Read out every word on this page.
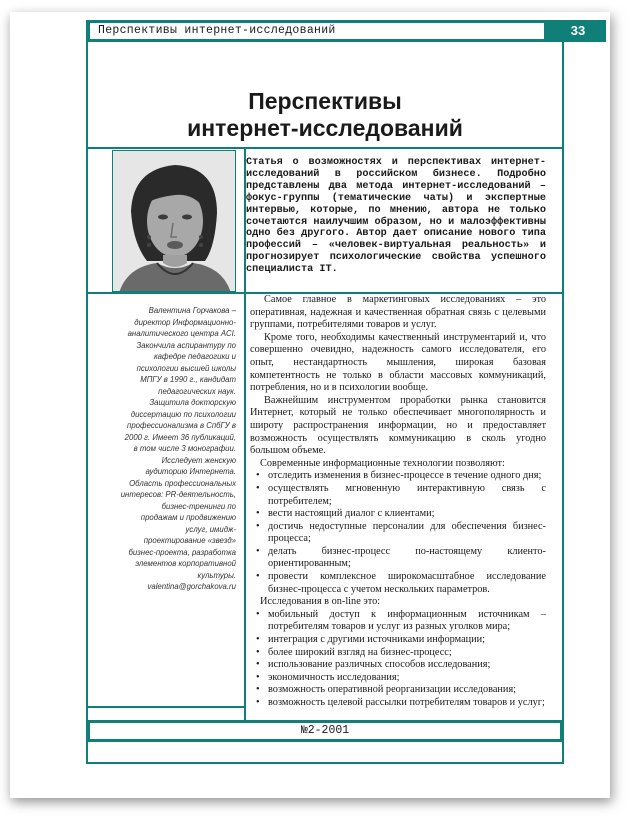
Перспективы интернет-исследований	33
Перспективы
интернет-исследований
Статья о возможностях и перспективах интернет-исследований в российском бизнесе. Подробно представлены два метода интернет-исследований – фокус-группы (тематические чаты) и экспертные интервью, которые, по мнению, автора не только сочетаются наилучшим образом, но и малоэффективны одно без другого. Автор дает описание нового типа профессий – «человек-виртуальная реальность» и прогнозирует психологические свойства успешного специалиста IT.
Валентина Горчакова –
директор Информационно-
аналитического центра ACI.
Закончила аспирантуру по
кафедре педагогики и
психологии высшей школы
МПГУ в 1990 г., кандидат
педагогических наук.
Защитила докторскую
диссертацию по психологии
профессионализма в СпбГУ в
2000 г. Имеет 36 публикаций,
в том числе 3 монографии.
Исследует женскую
аудиторию Интернета.
Область профессиональных
интересов: PR-деятельность,
бизнес-тренинги по
продажам и продвижению
услуг, имидж-
проектирование «звезд»
бизнес-проекта, разработка
элементов корпоративной
культуры.
valentina@gorchakova.ru

Самое главное в маркетинговых исследованиях – это оперативная, надежная и качественная обратная связь с целевыми группами, потребителями товаров и услуг.

Кроме того, необходимы качественный инструментарий и, что совершенно очевидно, надежность самого исследователя, его опыт, нестандартность мышления, широкая базовая компетентность не только в области массовых коммуникаций, потребления, но и в психологии вообще.

Важнейшим инструментом проработки рынка становится Интернет, который не только обеспечивает многополярность и широту распространения информации, но и предоставляет возможность осуществлять коммуникацию в сколь угодно большом объеме.

Современные информационные технологии позволяют:

• отследить изменения в бизнес-процессе в течение одного дня;
• осуществлять мгновенную интерактивную связь с потребителем;
• вести настоящий диалог с клиентами;
• достичь недоступные персоналии для обеспечения бизнес-процесса;
• делать бизнес-процесс по-настоящему клиенто-ориентированным;
• провести комплексное широкомасштабное исследование бизнес-процесса с учетом нескольких параметров.

Исследования в on-line это:

• мобильный доступ к информационным источникам – потребителям товаров и услуг из разных уголков мира;
• интеграция с другими источниками информации;
• более широкий взгляд на бизнес-процесс;
• использование различных способов исследования;
• экономичность исследования;
• возможность оперативной реорганизации исследования;
• возможность целевой рассылки потребителям товаров и услуг;
№2-2001
